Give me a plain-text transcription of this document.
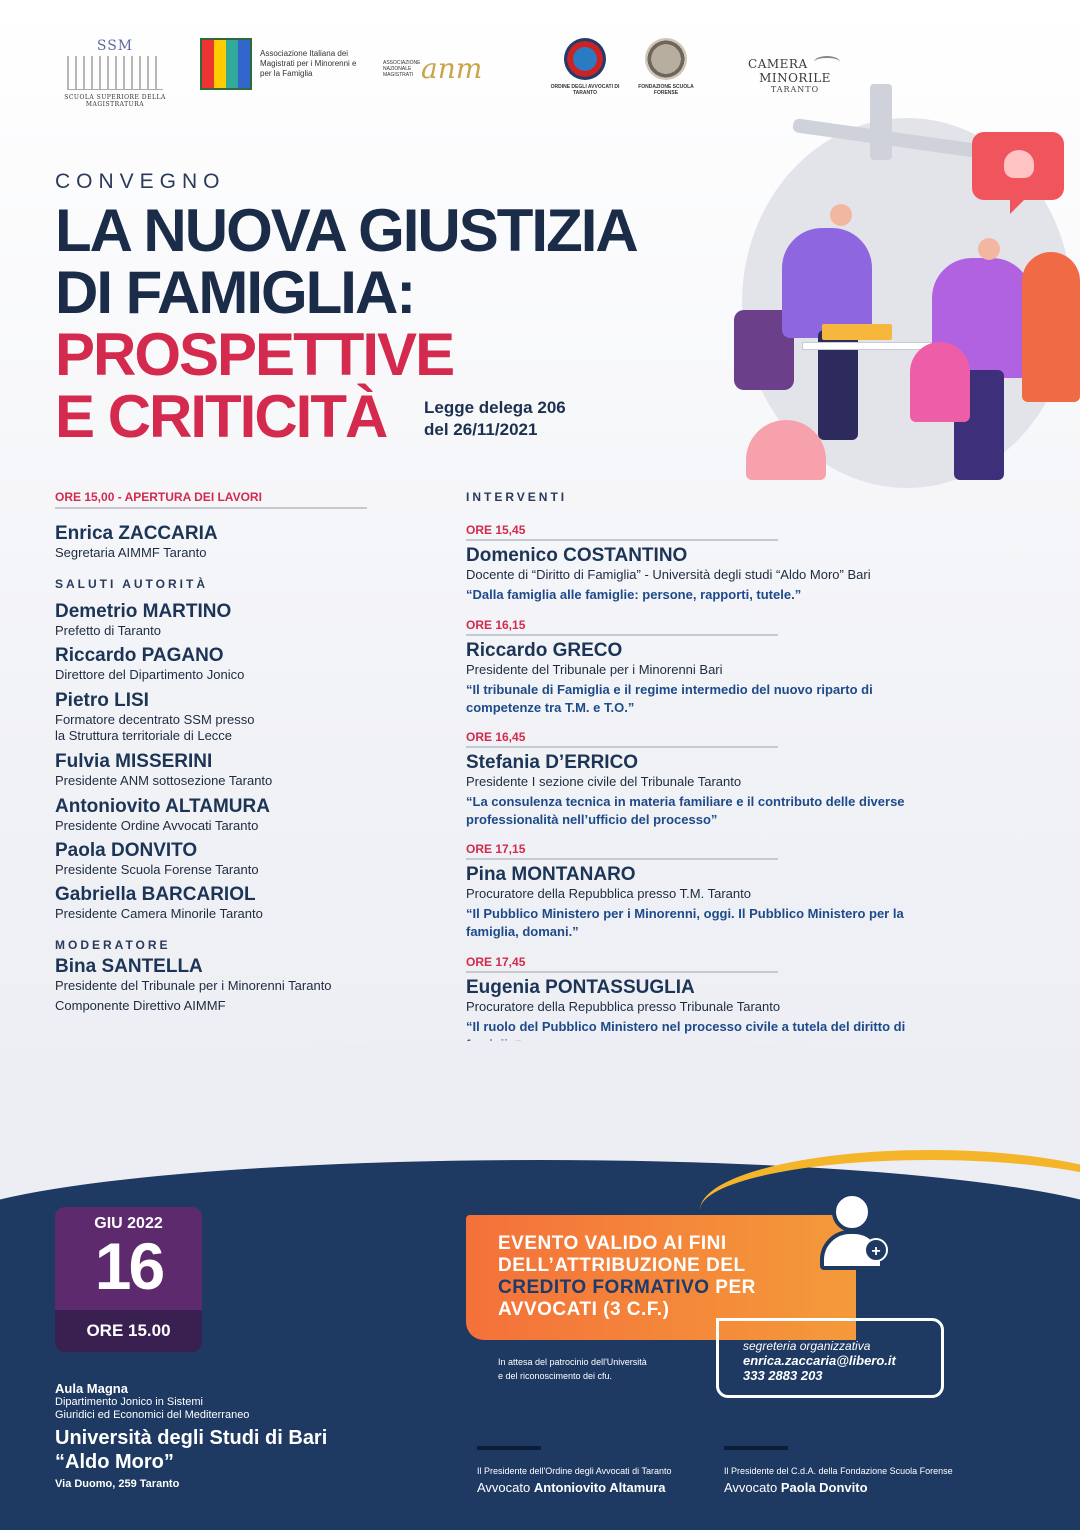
SSM
SCUOLA SUPERIORE DELLA MAGISTRATURA
Associazione Italiana dei Magistrati per i Minorenni e per la Famiglia
ASSOCIAZIONE NAZIONALE MAGISTRATI anm
ORDINE DEGLI AVVOCATI DI TARANTO
FONDAZIONE SCUOLA FORENSE
CAMERA  MINORILE
TARANTO
CONVEGNO
LA NUOVA GIUSTIZIA
DI FAMIGLIA:
PROSPETTIVE
E CRITICITÀ	Legge delega 206
del 26/11/2021
ORE 15,00 - APERTURA DEI LAVORI
Enrica ZACCARIA
Segretaria AIMMF Taranto
SALUTI AUTORITÀ
Demetrio MARTINO
Prefetto di Taranto
Riccardo PAGANO
Direttore del Dipartimento Jonico
Pietro LISI
Formatore decentrato SSM presso
la Struttura territoriale di Lecce
Fulvia MISSERINI
Presidente ANM sottosezione Taranto
Antoniovito ALTAMURA
Presidente Ordine Avvocati Taranto
Paola DONVITO
Presidente Scuola Forense Taranto
Gabriella BARCARIOL
Presidente Camera Minorile Taranto
MODERATORE
Bina SANTELLA
Presidente del Tribunale per i Minorenni Taranto
Componente Direttivo AIMMF
INTERVENTI
ORE 15,45
Domenico COSTANTINO
Docente di “Diritto di Famiglia” - Università degli studi “Aldo Moro” Bari
“Dalla famiglia alle famiglie: persone, rapporti, tutele.”
ORE 16,15
Riccardo GRECO
Presidente del Tribunale per i Minorenni Bari
“Il tribunale di Famiglia e il regime intermedio del nuovo riparto di
competenze tra T.M. e T.O.”
ORE 16,45
Stefania D’ERRICO
Presidente I sezione civile del Tribunale Taranto
“La consulenza tecnica in materia familiare e il contributo delle diverse
professionalità nell’ufficio del processo”
ORE 17,15
Pina MONTANARO
Procuratore della Repubblica presso T.M. Taranto
“Il Pubblico Ministero per i Minorenni, oggi. Il Pubblico Ministero per la
famiglia, domani.”
ORE 17,45
Eugenia PONTASSUGLIA
Procuratore della Repubblica presso Tribunale Taranto
“Il ruolo del Pubblico Ministero nel processo civile a tutela del diritto di
GIU 2022
16
ORE 15.00
Aula Magna
Dipartimento Jonico in Sistemi
Giuridici ed Economici del Mediterraneo
Università degli Studi di Bari
“Aldo Moro”
Via Duomo, 259 Taranto
EVENTO VALIDO AI FINI
DELL’ATTRIBUZIONE DEL
CREDITO FORMATIVO PER
AVVOCATI (3 C.F.)
+
In attesa del patrocinio dell'Università
e del riconoscimento dei cfu.
segreteria organizzativa
enrica.zaccaria@libero.it
333 2883 203
Il Presidente dell'Ordine degli Avvocati di Taranto
Avvocato Antoniovito Altamura
Il Presidente del C.d.A. della Fondazione Scuola Forense
Avvocato Paola Donvito
